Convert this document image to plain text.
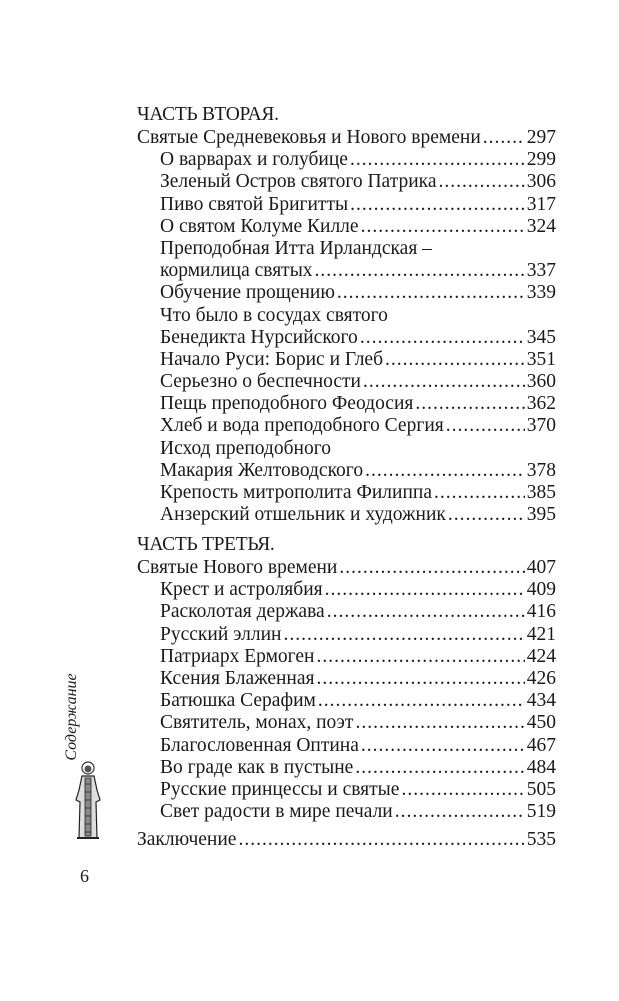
ЧАСТЬ ВТОРАЯ.
Святые Средневековья и Нового времени ..... 297
О варварах и голубице .....	299
Зеленый Остров святого Патрика .....	306
Пиво святой Бригитты .....	317
О святом Колуме Килле .....	324
Преподобная Итта Ирландская –
кормилица святых .....	337
Обучение прощению .....	339
Что было в сосудах святого
Бенедикта Нурсийского .....	345
Начало Руси: Борис и Глеб .....	351
Серьезно о беспечности .....	360
Пещь преподобного Феодосия .....	362
Хлеб и вода преподобного Сергия .....	370
Исход преподобного
Макария Желтоводского .....	378
Крепость митрополита Филиппа .....	385
Анзерский отшельник и художник .....	395
ЧАСТЬ ТРЕТЬЯ.
Святые Нового времени .....	407
Крест и астролябия .....	409
Расколотая держава .....	416
Русский эллин .....	421
Патриарх Ермоген .....	424
Ксения Блаженная .....	426
Батюшка Серафим .....	434
Святитель, монах, поэт .....	450
Благословенная Оптина .....	467
Во граде как в пустыне .....	484
Русские принцессы и святые .....	505
Свет радости в мире печали .....	519
Заключение .....	535
Содержание
6
